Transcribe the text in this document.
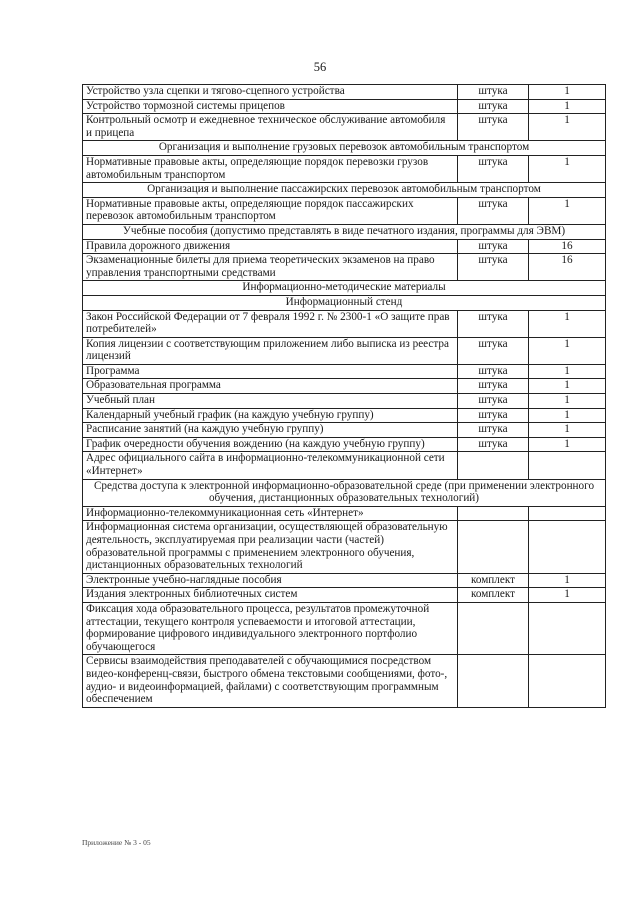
56
Устройство узла сцепки и тягово-сцепного устройства	штука	1
Устройство тормозной системы прицепов	штука	1
Контрольный осмотр и ежедневное техническое обслуживание автомобиля и прицепа	штука	1
Организация и выполнение грузовых перевозок автомобильным транспортом		
Нормативные правовые акты, определяющие порядок перевозки грузов автомобильным транспортом	штука	1
Организация и выполнение пассажирских перевозок автомобильным транспортом		
Нормативные правовые акты, определяющие порядок пассажирских перевозок автомобильным транспортом	штука	1
Учебные пособия (допустимо представлять в виде печатного издания, программы для ЭВМ)		
Правила дорожного движения	штука	16
Экзаменационные билеты для приема теоретических экзаменов на право управления транспортными средствами	штука	16
Информационно-методические материалы		
Информационный стенд		
Закон Российской Федерации от 7 февраля 1992 г. № 2300-1 «О защите прав потребителей»	штука	1
Копия лицензии с соответствующим приложением либо выписка из реестра лицензий	штука	1
Программа	штука	1
Образовательная программа	штука	1
Учебный план	штука	1
Календарный учебный график (на каждую учебную группу)	штука	1
Расписание занятий (на каждую учебную группу)	штука	1
График очередности обучения вождению (на каждую учебную группу)	штука	1
Адрес официального сайта в информационно-телекоммуникационной сети «Интернет»		
Средства доступа к электронной информационно-образовательной среде (при применении электронного обучения, дистанционных образовательных технологий)		
Информационно-телекоммуникационная сеть «Интернет»		
Информационная система организации, осуществляющей образовательную деятельность, эксплуатируемая при реализации части (частей) образовательной программы с применением электронного обучения, дистанционных образовательных технологий		
Электронные учебно-наглядные пособия	комплект	1
Издания электронных библиотечных систем	комплект	1
Фиксация хода образовательного процесса, результатов промежуточной аттестации, текущего контроля успеваемости и итоговой аттестации, формирование цифрового индивидуального электронного портфолио обучающегося		
Сервисы взаимодействия преподавателей с обучающимися посредством видео-конференц-связи, быстрого обмена текстовыми сообщениями, фото-, аудио- и видеоинформацией, файлами) с соответствующим программным обеспечением		
Приложение № 3 - 05
